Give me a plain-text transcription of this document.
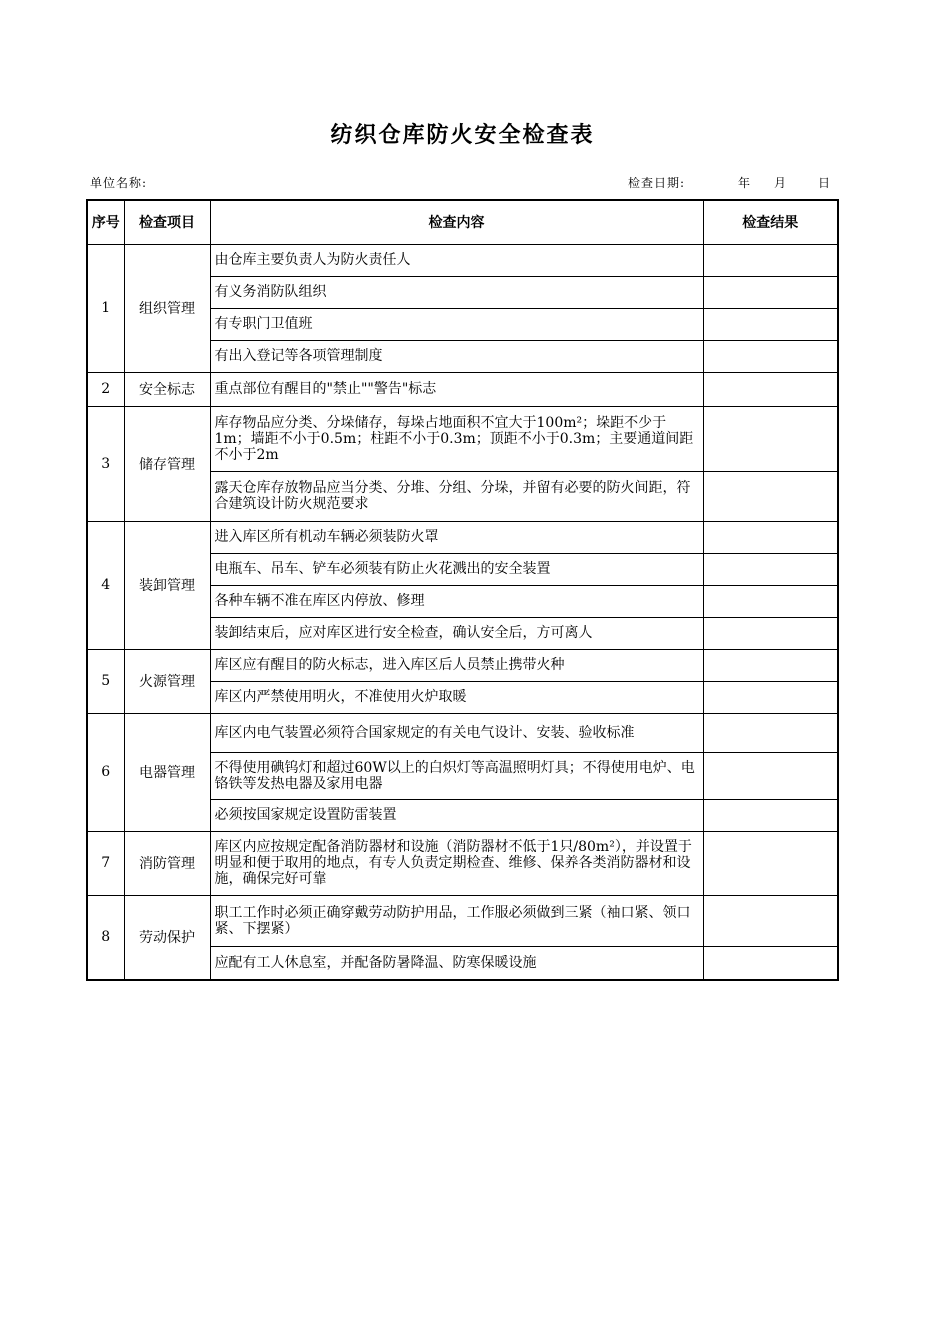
纺织仓库防火安全检查表
单位名称:	检查日期:	年 月	日
序号	检查项目	检查内容	检查结果
1	组织管理	由仓库主要负责人为防火责任人	
		有义务消防队组织	
		有专职门卫值班	
		有出入登记等各项管理制度	
2	安全标志	重点部位有醒目的"禁止""警告"标志	
3	储存管理	库存物品应分类、分垛储存，每垛占地面积不宜大于100m²；垛距不少于1m；墙距不小于0.5m；柱距不小于0.3m；顶距不小于0.3m；主要通道间距不小于2m	
		露天仓库存放物品应当分类、分堆、分组、分垛，并留有必要的防火间距，符合建筑设计防火规范要求	
4	装卸管理	进入库区所有机动车辆必须装防火罩	
		电瓶车、吊车、铲车必须装有防止火花溅出的安全装置	
		各种车辆不准在库区内停放、修理	
		装卸结束后，应对库区进行安全检查，确认安全后，方可离人	
5	火源管理	库区应有醒目的防火标志，进入库区后人员禁止携带火种	
		库区内严禁使用明火，不准使用火炉取暖	
6	电器管理	库区内电气装置必须符合国家规定的有关电气设计、安装、验收标准	
		不得使用碘钨灯和超过60W以上的白炽灯等高温照明灯具；不得使用电炉、电铬铁等发热电器及家用电器	
		必须按国家规定设置防雷装置	
7	消防管理	库区内应按规定配备消防器材和设施（消防器材不低于1只/80m²），并设置于明显和便于取用的地点，有专人负责定期检查、维修、保养各类消防器材和设施，确保完好可靠	
8	劳动保护	职工工作时必须正确穿戴劳动防护用品，工作服必须做到三紧（袖口紧、领口紧、下摆紧）	
		应配有工人休息室，并配备防暑降温、防寒保暖设施	
